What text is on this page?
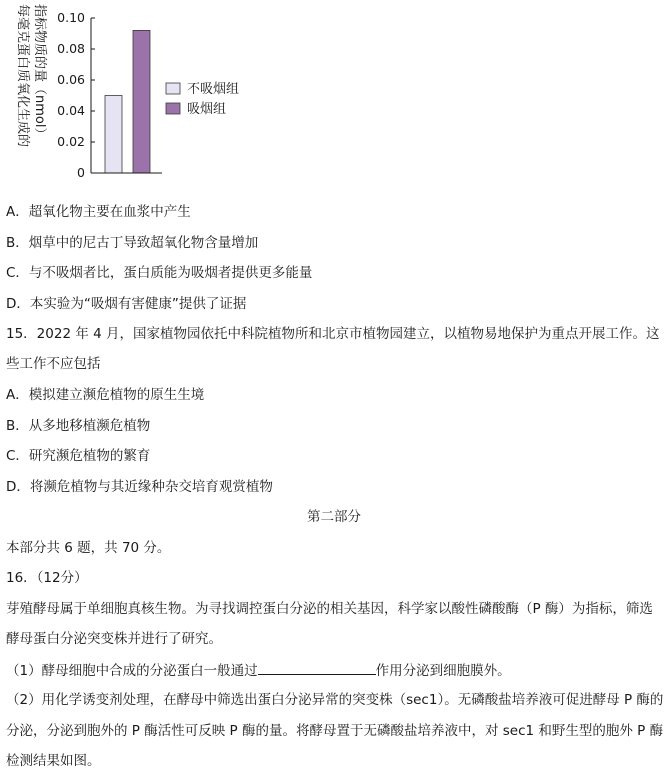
每毫克蛋白质氧化生成的 指标物质的量（nmol）
0
0.02
0.04
0.06
0.08
0.10
不吸烟组
吸烟组
A．超氧化物主要在血浆中产生
B．烟草中的尼古丁导致超氧化物含量增加
C．与不吸烟者比，蛋白质能为吸烟者提供更多能量
D．本实验为“吸烟有害健康”提供了证据
15．2022 年 4 月，国家植物园依托中科院植物所和北京市植物园建立，以植物易地保护为重点开展工作。这
些工作不应包括
A．模拟建立濒危植物的原生生境
B．从多地移植濒危植物
C．研究濒危植物的繁育
D．将濒危植物与其近缘种杂交培育观赏植物
第二部分
本部分共 6 题，共 70 分。
16．（12分）
芽殖酵母属于单细胞真核生物。为寻找调控蛋白分泌的相关基因，科学家以酸性磷酸酶（P 酶）为指标，筛选
酵母蛋白分泌突变株并进行了研究。
（1）酵母细胞中合成的分泌蛋白一般通过	作用分泌到细胞膜外。
（2）用化学诱变剂处理，在酵母中筛选出蛋白分泌异常的突变株（sec1）。无磷酸盐培养液可促进酵母 P 酶的
分泌，分泌到胞外的 P 酶活性可反映 P 酶的量。将酵母置于无磷酸盐培养液中，对 sec1 和野生型的胞外 P 酶
检测结果如图。
